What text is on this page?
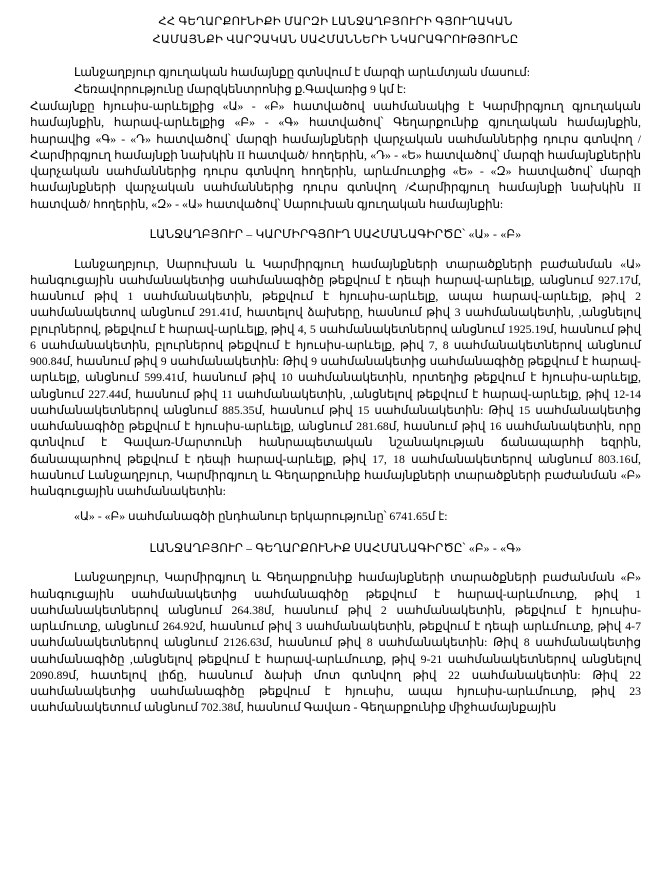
ՀՀ ԳԵՂԱՐՔՈՒՆԻՔԻ ՄԱՐԶԻ ԼԱՆՋԱՂԲՅՈՒՐԻ ԳՅՈՒՂԱԿԱՆ
ՀԱՄԱՅՆՔԻ ՎԱՐՉԱԿԱՆ ՍԱՀՄԱՆՆԵՐԻ ՆԿԱՐԱԳՐՈՒԹՅՈՒՆԸ

Լանջաղբյուր գյուղական համայնքը գտնվում է մարզի արևմտյան մասում:

Հեռավորությունը մարզկենտրոնից ք.Գավառից 9 կմ է:

Համայնքը հյուսիս-արևելքից «Ա» - «Բ» հատվածով սահմանակից է Կարմիրգյուղ գյուղական համայնքին, հարավ-արևելքից «Բ» - «Գ» հատվածով՝ Գեղարքունիք գյուղական համայնքին, հարավից «Գ» - «Դ» հատվածով՝ մարզի համայնքների վարչական սահմաններից դուրս գտնվող /Հարմիրգյուղ համայնքի նախկին II հատված/ հողերին, «Դ» - «Ե» հատվածով՝ մարզի համայնքներին վարչական սահմաններից դուրս գտնվող հողերին, արևմուտքից «Ե» - «Զ» հատվածով՝ մարզի համայնքների վարչական սահմաններից դուրս գտնվող /Հարմիրգյուղ համայնքի նախկին II հատված/ հողերին, «Զ» - «Ա» հատվածով՝ Սարուխան գյուղական համայնքին:

ԼԱՆՋԱՂԲՅՈՒՐ – ԿԱՐՄԻՐԳՅՈՒՂ ՍԱՀՄԱՆԱԳԻՐԾԸ՝ «Ա» - «Բ»

Լանջաղբյուր, Սարուխան և Կարմիրգյուղ համայնքների տարածքների բաժանման «Ա» հանգուցային սահմանակետից սահմանագիծը թեքվում է դեպի հարավ-արևելք, անցնում 927.17մ, հասնում թիվ 1 սահմանակետին, թեքվում է հյուսիս-արևելք, ապա հարավ-արևելք, թիվ 2 սահմանակետով անցնում 291.41մ, հատելով ձախերը, հասնում թիվ 3 սահմանակետին, ,անցնելով բլուրներով, թեքվում է հարավ-արևելք, թիվ 4, 5 սահմանակետներով անցնում 1925.19մ, հասնում թիվ 6 սահմանակետին, բլուրներով թեքվում է հյուսիս-արևելք, թիվ 7, 8 սահմանակետներով անցնում 900.84մ, հասնում թիվ 9 սահմանակետին: Թիվ 9 սահմանակետից սահմանագիծը թեքվում է հարավ-արևելք, անցնում 599.41մ, հասնում թիվ 10 սահմանակետին, որտեղից թեքվում է հյուսիս-արևելք, անցնում 227.44մ, հասնում թիվ 11 սահմանակետին, ,անցնելով թեքվում է հարավ-արևելք, թիվ 12-14 սահմանակետներով անցնում 885.35մ, հասնում թիվ 15 սահմանակետին: Թիվ 15 սահմանակետից սահմանագիծը թեքվում է հյուսիս-արևելք, անցնում 281.68մ, հասնում թիվ 16 սահմանակետին, որը գտնվում է Գավառ-Մարտունի հանրապետական նշանակության ճանապարհի եզրին, ճանապարհով թեքվում է դեպի հարավ-արևելք, թիվ 17, 18 սահմանակետերով անցնում 803.16մ, հասնում Լանջաղբյուր, Կարմիրգյուղ և Գեղարքունիք համայնքների տարածքների բաժանման «Բ» հանգուցային սահմանակետին:

«Ա» - «Բ» սահմանագծի ընդհանուր երկարությունը՝ 6741.65մ է:

ԼԱՆՋԱՂԲՅՈՒՐ – ԳԵՂԱՐՔՈՒՆԻՔ ՍԱՀՄԱՆԱԳԻՐԾԸ՝ «Բ» - «Գ»

Լանջաղբյուր, Կարմիրգյուղ և Գեղարքունիք համայնքների տարածքների բաժանման «Բ» հանգուցային սահմանակետից սահմանագիծը թեքվում է հարավ-արևմուտք, թիվ 1 սահմանակետներով անցնում 264.38մ, հասնում թիվ 2 սահմանակետին, թեքվում է հյուսիս-արևմուտք, անցնում 264.92մ, հասնում թիվ 3 սահմանակետին, թեքվում է դեպի արևմուտք, թիվ 4-7 սահմանակետներով անցնում 2126.63մ, հասնում թիվ 8 սահմանակետին: Թիվ 8 սահմանակետից սահմանագիծը ,անցնելով թեքվում է հարավ-արևմուտք, թիվ 9-21 սահմանակետներով անցնելով 2090.89մ, հատելով լիճը, հասնում ձախի մոտ գտնվող թիվ 22 սահմանակետին: Թիվ 22 սահմանակետից սահմանագիծը թեքվում է հյուսիս, ապա հյուսիս-արևմուտք, թիվ 23 սահմանակետում անցնում 702.38մ, հասնում Գավառ - Գեղարքունիք միջհամայնքային
